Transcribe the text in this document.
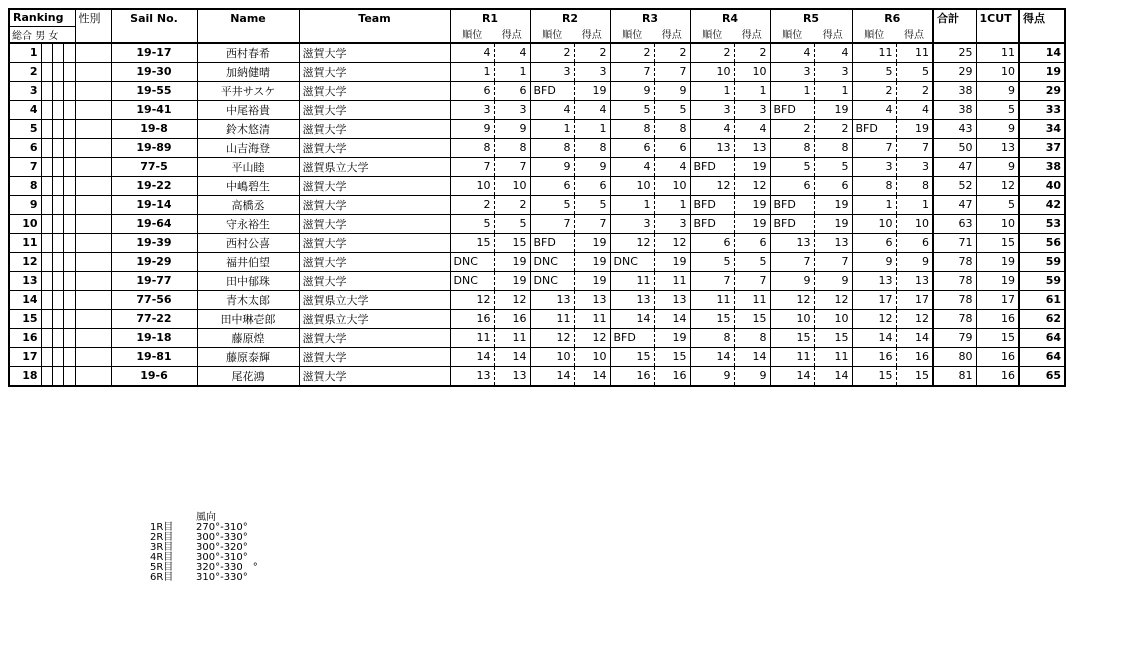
Ranking				性別	Sail No.	Name	Team	R1		R2		R3		R4		R5		R6		合計	1CUT	得点
総合 男 女								順位	得点	順位	得点	順位	得点	順位	得点	順位	得点	順位	得点			
1					19-17	西村春希	滋賀大学	4	4	2	2	2	2	2	2	4	4	11	11	25	11	14
2					19-30	加納健晴	滋賀大学	1	1	3	3	7	7	10	10	3	3	5	5	29	10	19
3					19-55	平井サスケ	滋賀大学	6	6	BFD	19	9	9	1	1	1	1	2	2	38	9	29
4					19-41	中尾裕貴	滋賀大学	3	3	4	4	5	5	3	3	BFD	19	4	4	38	5	33
5					19-8	鈴木悠清	滋賀大学	9	9	1	1	8	8	4	4	2	2	BFD	19	43	9	34
6					19-89	山吉海登	滋賀大学	8	8	8	8	6	6	13	13	8	8	7	7	50	13	37
7					77-5	平山睦	滋賀県立大学	7	7	9	9	4	4	BFD	19	5	5	3	3	47	9	38
8					19-22	中嶋碧生	滋賀大学	10	10	6	6	10	10	12	12	6	6	8	8	52	12	40
9					19-14	高橋丞	滋賀大学	2	2	5	5	1	1	BFD	19	BFD	19	1	1	47	5	42
10					19-64	守永裕生	滋賀大学	5	5	7	7	3	3	BFD	19	BFD	19	10	10	63	10	53
11					19-39	西村公喜	滋賀大学	15	15	BFD	19	12	12	6	6	13	13	6	6	71	15	56
12					19-29	福井伯望	滋賀大学	DNC	19	DNC	19	DNC	19	5	5	7	7	9	9	78	19	59
13					19-77	田中郁珠	滋賀大学	DNC	19	DNC	19	11	11	7	7	9	9	13	13	78	19	59
14					77-56	青木太郎	滋賀県立大学	12	12	13	13	13	13	11	11	12	12	17	17	78	17	61
15					77-22	田中琳壱郎	滋賀県立大学	16	16	11	11	14	14	15	15	10	10	12	12	78	16	62
16					19-18	藤原煌	滋賀大学	11	11	12	12	BFD	19	8	8	15	15	14	14	79	15	64
17					19-81	藤原泰輝	滋賀大学	14	14	10	10	15	15	14	14	11	11	16	16	80	16	64
18					19-6	尾花鴻	滋賀大学	13	13	14	14	16	16	9	9	14	14	15	15	81	16	65
風向
1R目	270°-310°
2R目	300°-330°
3R目	300°-320°
4R目	300°-310°
5R目	320°-330　°
6R目	310°-330°
